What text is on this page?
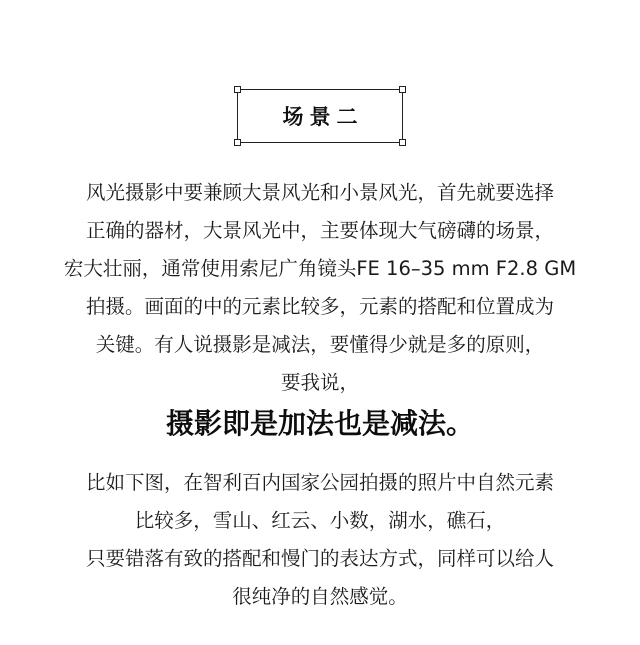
场景二
风光摄影中要兼顾大景风光和小景风光，首先就要选择
正确的器材，大景风光中，主要体现大气磅礴的场景，
宏大壮丽，通常使用索尼广角镜头FE 16–35 mm F2.8 GM
拍摄。画面的中的元素比较多，元素的搭配和位置成为
关键。有人说摄影是减法，要懂得少就是多的原则，
要我说，
摄影即是加法也是减法。
比如下图，在智利百内国家公园拍摄的照片中自然元素
比较多，雪山、红云、小数，湖水，礁石，
只要错落有致的搭配和慢门的表达方式，同样可以给人
很纯净的自然感觉。
